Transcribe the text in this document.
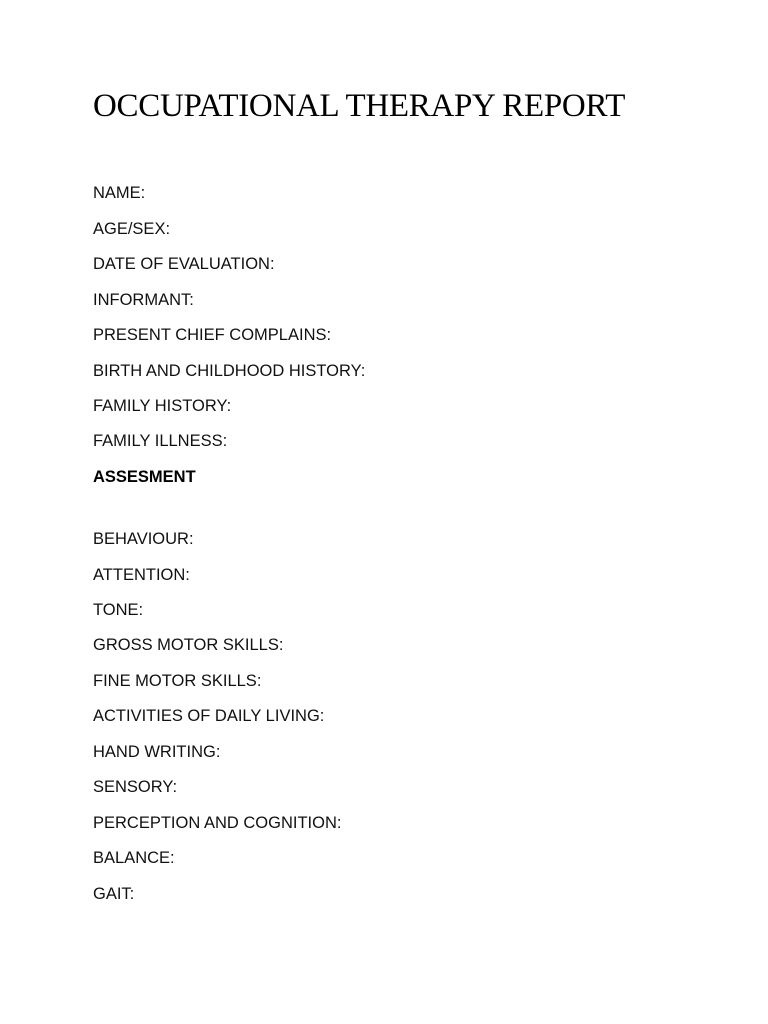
OCCUPATIONAL THERAPY REPORT

NAME:

AGE/SEX:

DATE OF EVALUATION:

INFORMANT:

PRESENT CHIEF COMPLAINS:

BIRTH AND CHILDHOOD HISTORY:

FAMILY HISTORY:

FAMILY ILLNESS:

ASSESMENT

BEHAVIOUR:

ATTENTION:

TONE:

GROSS MOTOR SKILLS:

FINE MOTOR SKILLS:

ACTIVITIES OF DAILY LIVING:

HAND WRITING:

SENSORY:

PERCEPTION AND COGNITION:

BALANCE:

GAIT:
